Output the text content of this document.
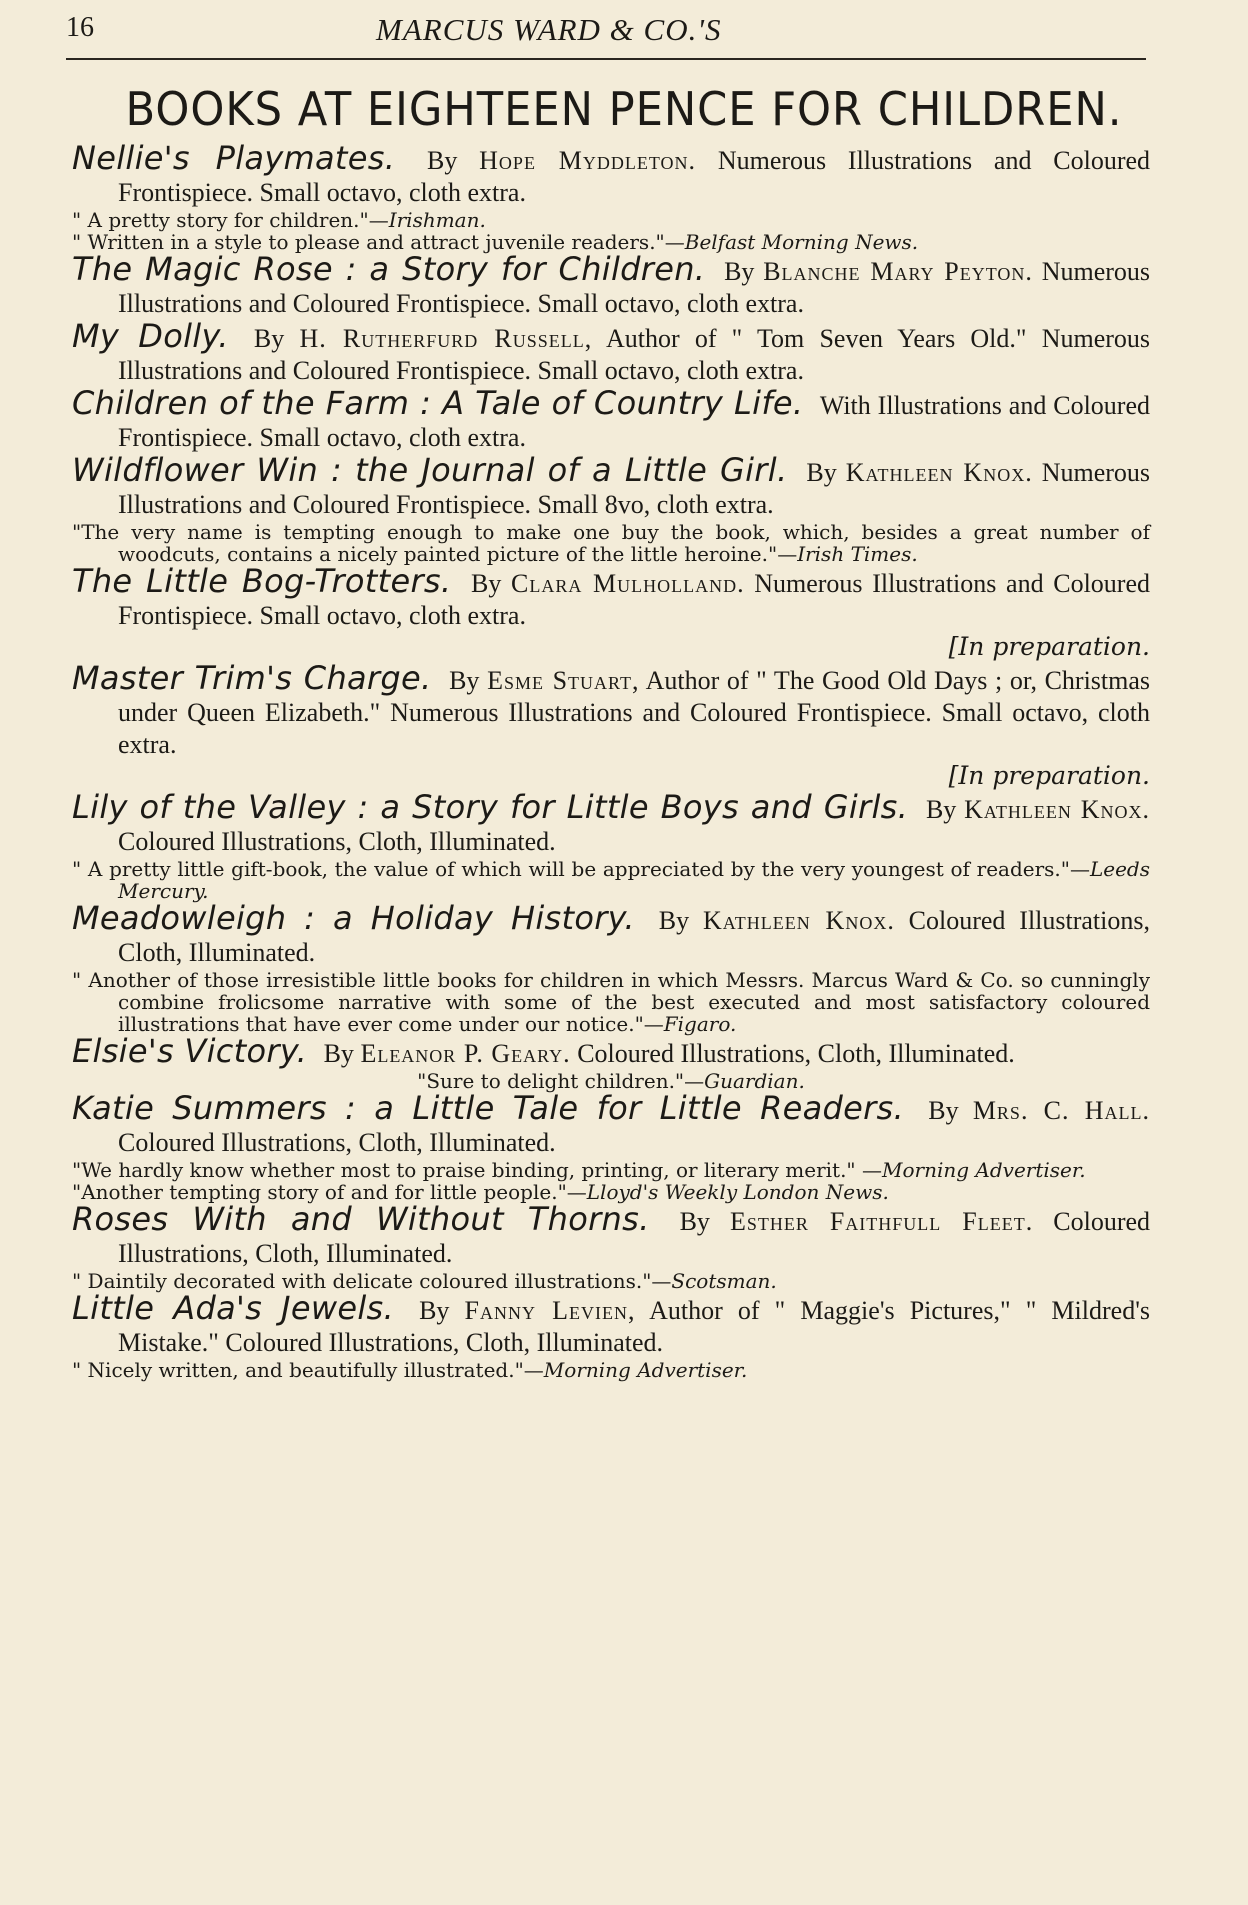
16	MARCUS WARD & CO.'S
BOOKS AT EIGHTEEN PENCE FOR CHILDREN.

Nellie's Playmates. By Hope Myddleton. Numerous Illustrations and Coloured Frontispiece. Small octavo, cloth extra.

" A pretty story for children."—Irishman.

" Written in a style to please and attract juvenile readers."—Belfast Morning News.

The Magic Rose : a Story for Children. By Blanche Mary Peyton. Numerous Illustrations and Coloured Frontispiece. Small octavo, cloth extra.

My Dolly. By H. Rutherfurd Russell, Author of " Tom Seven Years Old." Numerous Illustrations and Coloured Frontispiece. Small octavo, cloth extra.

Children of the Farm : A Tale of Country Life. With Illustrations and Coloured Frontispiece. Small octavo, cloth extra.

Wildflower Win : the Journal of a Little Girl. By Kathleen Knox. Numerous Illustrations and Coloured Frontispiece. Small 8vo, cloth extra.

"The very name is tempting enough to make one buy the book, which, besides a great number of woodcuts, contains a nicely painted picture of the little heroine."—Irish Times.

The Little Bog-Trotters. By Clara Mulholland. Numerous Illustrations and Coloured Frontispiece. Small octavo, cloth extra.

[In preparation.

Master Trim's Charge. By Esme Stuart, Author of " The Good Old Days ; or, Christmas under Queen Elizabeth." Numerous Illustrations and Coloured Frontispiece. Small octavo, cloth extra.

[In preparation.

Lily of the Valley : a Story for Little Boys and Girls. By Kathleen Knox. Coloured Illustrations, Cloth, Illuminated.

" A pretty little gift-book, the value of which will be appreciated by the very youngest of readers."—Leeds Mercury.

Meadowleigh : a Holiday History. By Kathleen Knox. Coloured Illustrations, Cloth, Illuminated.

" Another of those irresistible little books for children in which Messrs. Marcus Ward & Co. so cunningly combine frolicsome narrative with some of the best executed and most satisfactory coloured illustrations that have ever come under our notice."—Figaro.

Elsie's Victory. By Eleanor P. Geary. Coloured Illustrations, Cloth, Illuminated.

"Sure to delight children."—Guardian.

Katie Summers : a Little Tale for Little Readers. By Mrs. C. Hall. Coloured Illustrations, Cloth, Illuminated.

"We hardly know whether most to praise binding, printing, or literary merit." —Morning Advertiser.

"Another tempting story of and for little people."—Lloyd's Weekly London News.

Roses With and Without Thorns. By Esther Faithfull Fleet. Coloured Illustrations, Cloth, Illuminated.

" Daintily decorated with delicate coloured illustrations."—Scotsman.

Little Ada's Jewels. By Fanny Levien, Author of " Maggie's Pictures," " Mildred's Mistake." Coloured Illustrations, Cloth, Illuminated.

" Nicely written, and beautifully illustrated."—Morning Advertiser.
